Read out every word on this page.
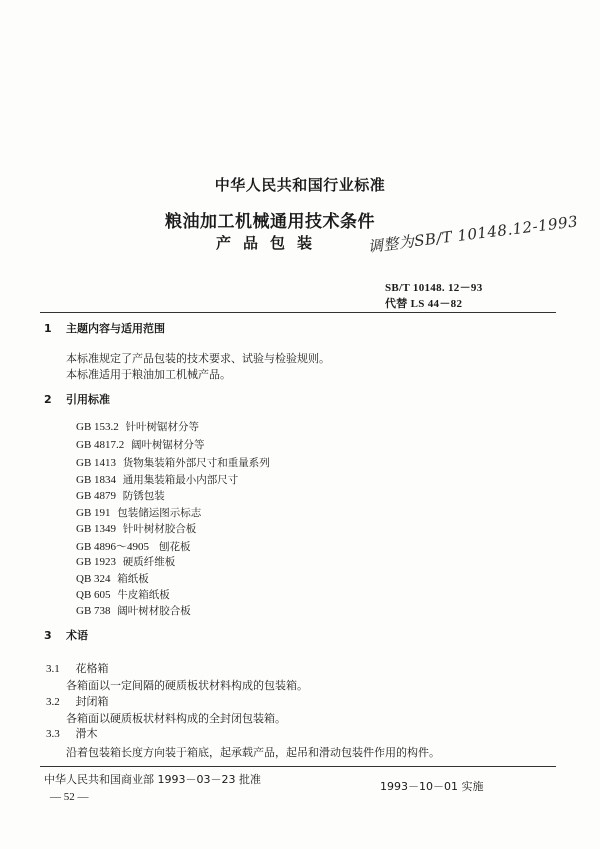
中华人民共和国行业标准
粮油加工机械通用技术条件
产品包装	调整为SB/T 10148.12-1993
SB/T 10148. 12－93
代替 LS 44－82
1 主题内容与适用范围
本标准规定了产品包装的技术要求、试验与检验规则。
本标准适用于粮油加工机械产品。
2 引用标准
GB 153.2 针叶树锯材分等
GB 4817.2 阔叶树锯材分等
GB 1413 货物集装箱外部尺寸和重量系列
GB 1834 通用集装箱最小内部尺寸
GB 4879 防锈包装
GB 191 包装储运图示标志
GB 1349 针叶树材胶合板
GB 4896～4905 刨花板
GB 1923 硬质纤维板
QB 324 箱纸板
QB 605 牛皮箱纸板
GB 738 阔叶树材胶合板
3 术语
3.1 花格箱
各箱面以一定间隔的硬质板状材料构成的包装箱。
3.2 封闭箱
各箱面以硬质板状材料构成的全封闭包装箱。
3.3 滑木
沿着包装箱长度方向装于箱底，起承载产品，起吊和滑动包装件作用的构件。
中华人民共和国商业部 1993－03－23 批准
1993－10－01 实施
— 52 —
